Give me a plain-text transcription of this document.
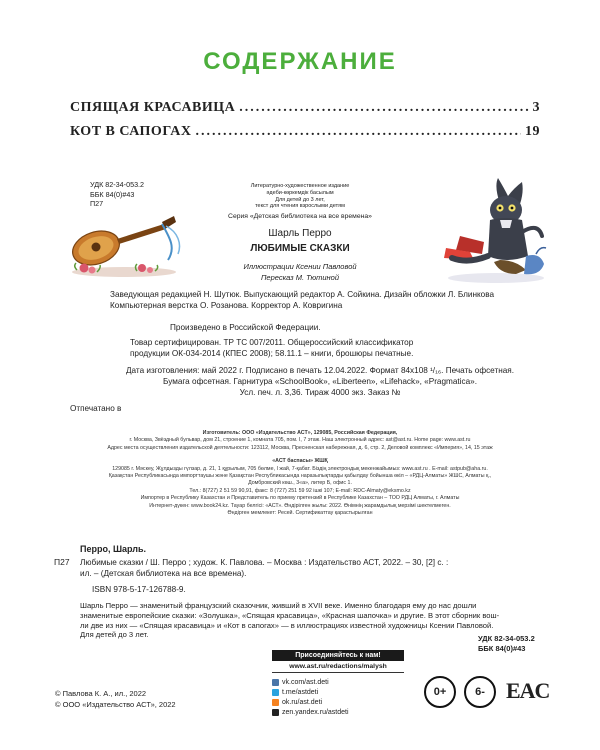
СОДЕРЖАНИЕ
СПЯЩАЯ КРАСАВИЦА .....	3
КОТ В САПОГАХ .....	19
УДК 82-34-053.2
ББК 84(0)#43
П27
Литературно-художественное издание
әдеби-көркемдік басылым
Для детей до 3 лет,
текст для чтения взрослыми детям
Серия «Детская библиотека на все времена»
Шарль Перро
ЛЮБИМЫЕ СКАЗКИ
Иллюстрации Ксении Павловой
Пересказ М. Тютиной
Заведующая редакцией Н. Шутюк. Выпускающий редактор А. Сойкина. Дизайн обложки Л. Блинкова
Компьютерная верстка О. Розанова. Корректор А. Ковригина
Произведено в Российской Федерации.
Товар сертифицирован. ТР ТС 007/2011. Общероссийский классификатор
продукции ОК-034-2014 (КПЕС 2008); 58.11.1 – книги, брошюры печатные.
Дата изготовления: май 2022 г. Подписано в печать 12.04.2022. Формат 84х108 ¹/₁₆. Печать офсетная.
Бумага офсетная. Гарнитура «SchoolBook», «Liberteen», «Lifehack», «Pragmatica».
Усл. печ. л. 3,36. Тираж 4000 экз. Заказ №
Отпечатано в
Изготовитель: ООО «Издательство АСТ», 129085, Российская Федерация,
г. Москва, Звёздный бульвар, дом 21, строение 1, комната 705, пом. I, 7 этаж. Наш электронный адрес: ast@ast.ru. Home page: www.ast.ru
Адрес места осуществления издательской деятельности: 123112, Москва, Пресненская набережная, д. 6, стр. 2, Деловой комплекс «Империя», 14, 15 этаж
«АСТ баспасы» ЖШҚ
129085 г. Мәскеу, Жұлдызды гүлзар, д. 21, 1 құрылым, 705 бөлме, I жай, 7-қабат. Біздің электрондық мекенжайымыз: www.ast.ru . E-mail: astpub@aha.ru.
Қазақстан Республикасында импорттаушы және Қазақстан Республикасында наразылықтарды қабылдау бойынша өкіл – «РДЦ-Алматы» ЖШС, Алматы қ.,
Домбровский көш., 3«а», литер Б, офис 1.
Тел.: 8(727) 2 51 59 90,91, факс: 8 (727) 251 59 92 ішкі 107; E-mail: RDC-Almaty@eksmo.kz
Импортер в Республику Казахстан и Представитель по приему претензий в Республике Казахстан – ТОО РДЦ Алматы, г. Алматы
Интернет-дүкен: www.book24.kz. Тауар белгісі: «АСТ». Өндірілген жылы: 2022. Өнімнің жарамдылық мерзімі шектелмеген.
Өндірген мемлекет: Ресей. Сертификаттау қарастырылған
Перро, Шарль.
П27 Любимые сказки / Ш. Перро ; худож. К. Павлова. – Москва : Издательство АСТ, 2022. – 30, [2] с. :
ил. – (Детская библиотека на все времена).
ISBN 978-5-17-126788-9.
Шарль Перро — знаменитый французский сказочник, живший в XVII веке. Именно благодаря ему до нас дошли
знаменитые европейские сказки: «Золушка», «Спящая красавица», «Красная шапочка» и другие. В этот сборник вош-
ли две из них — «Спящая красавица» и «Кот в сапогах» — в иллюстрациях известной художницы Ксении Павловой.
Для детей до 3 лет.	УДК 82-34-053.2
ББК 84(0)#43
Присоединяйтесь к нам!
www.ast.ru/redactions/malysh
vk.com/ast.deti
t.me/astdeti
ok.ru/ast.deti
zen.yandex.ru/astdeti
0+	6- EAC
© Павлова К. А., ил., 2022
© ООО «Издательство АСТ», 2022
